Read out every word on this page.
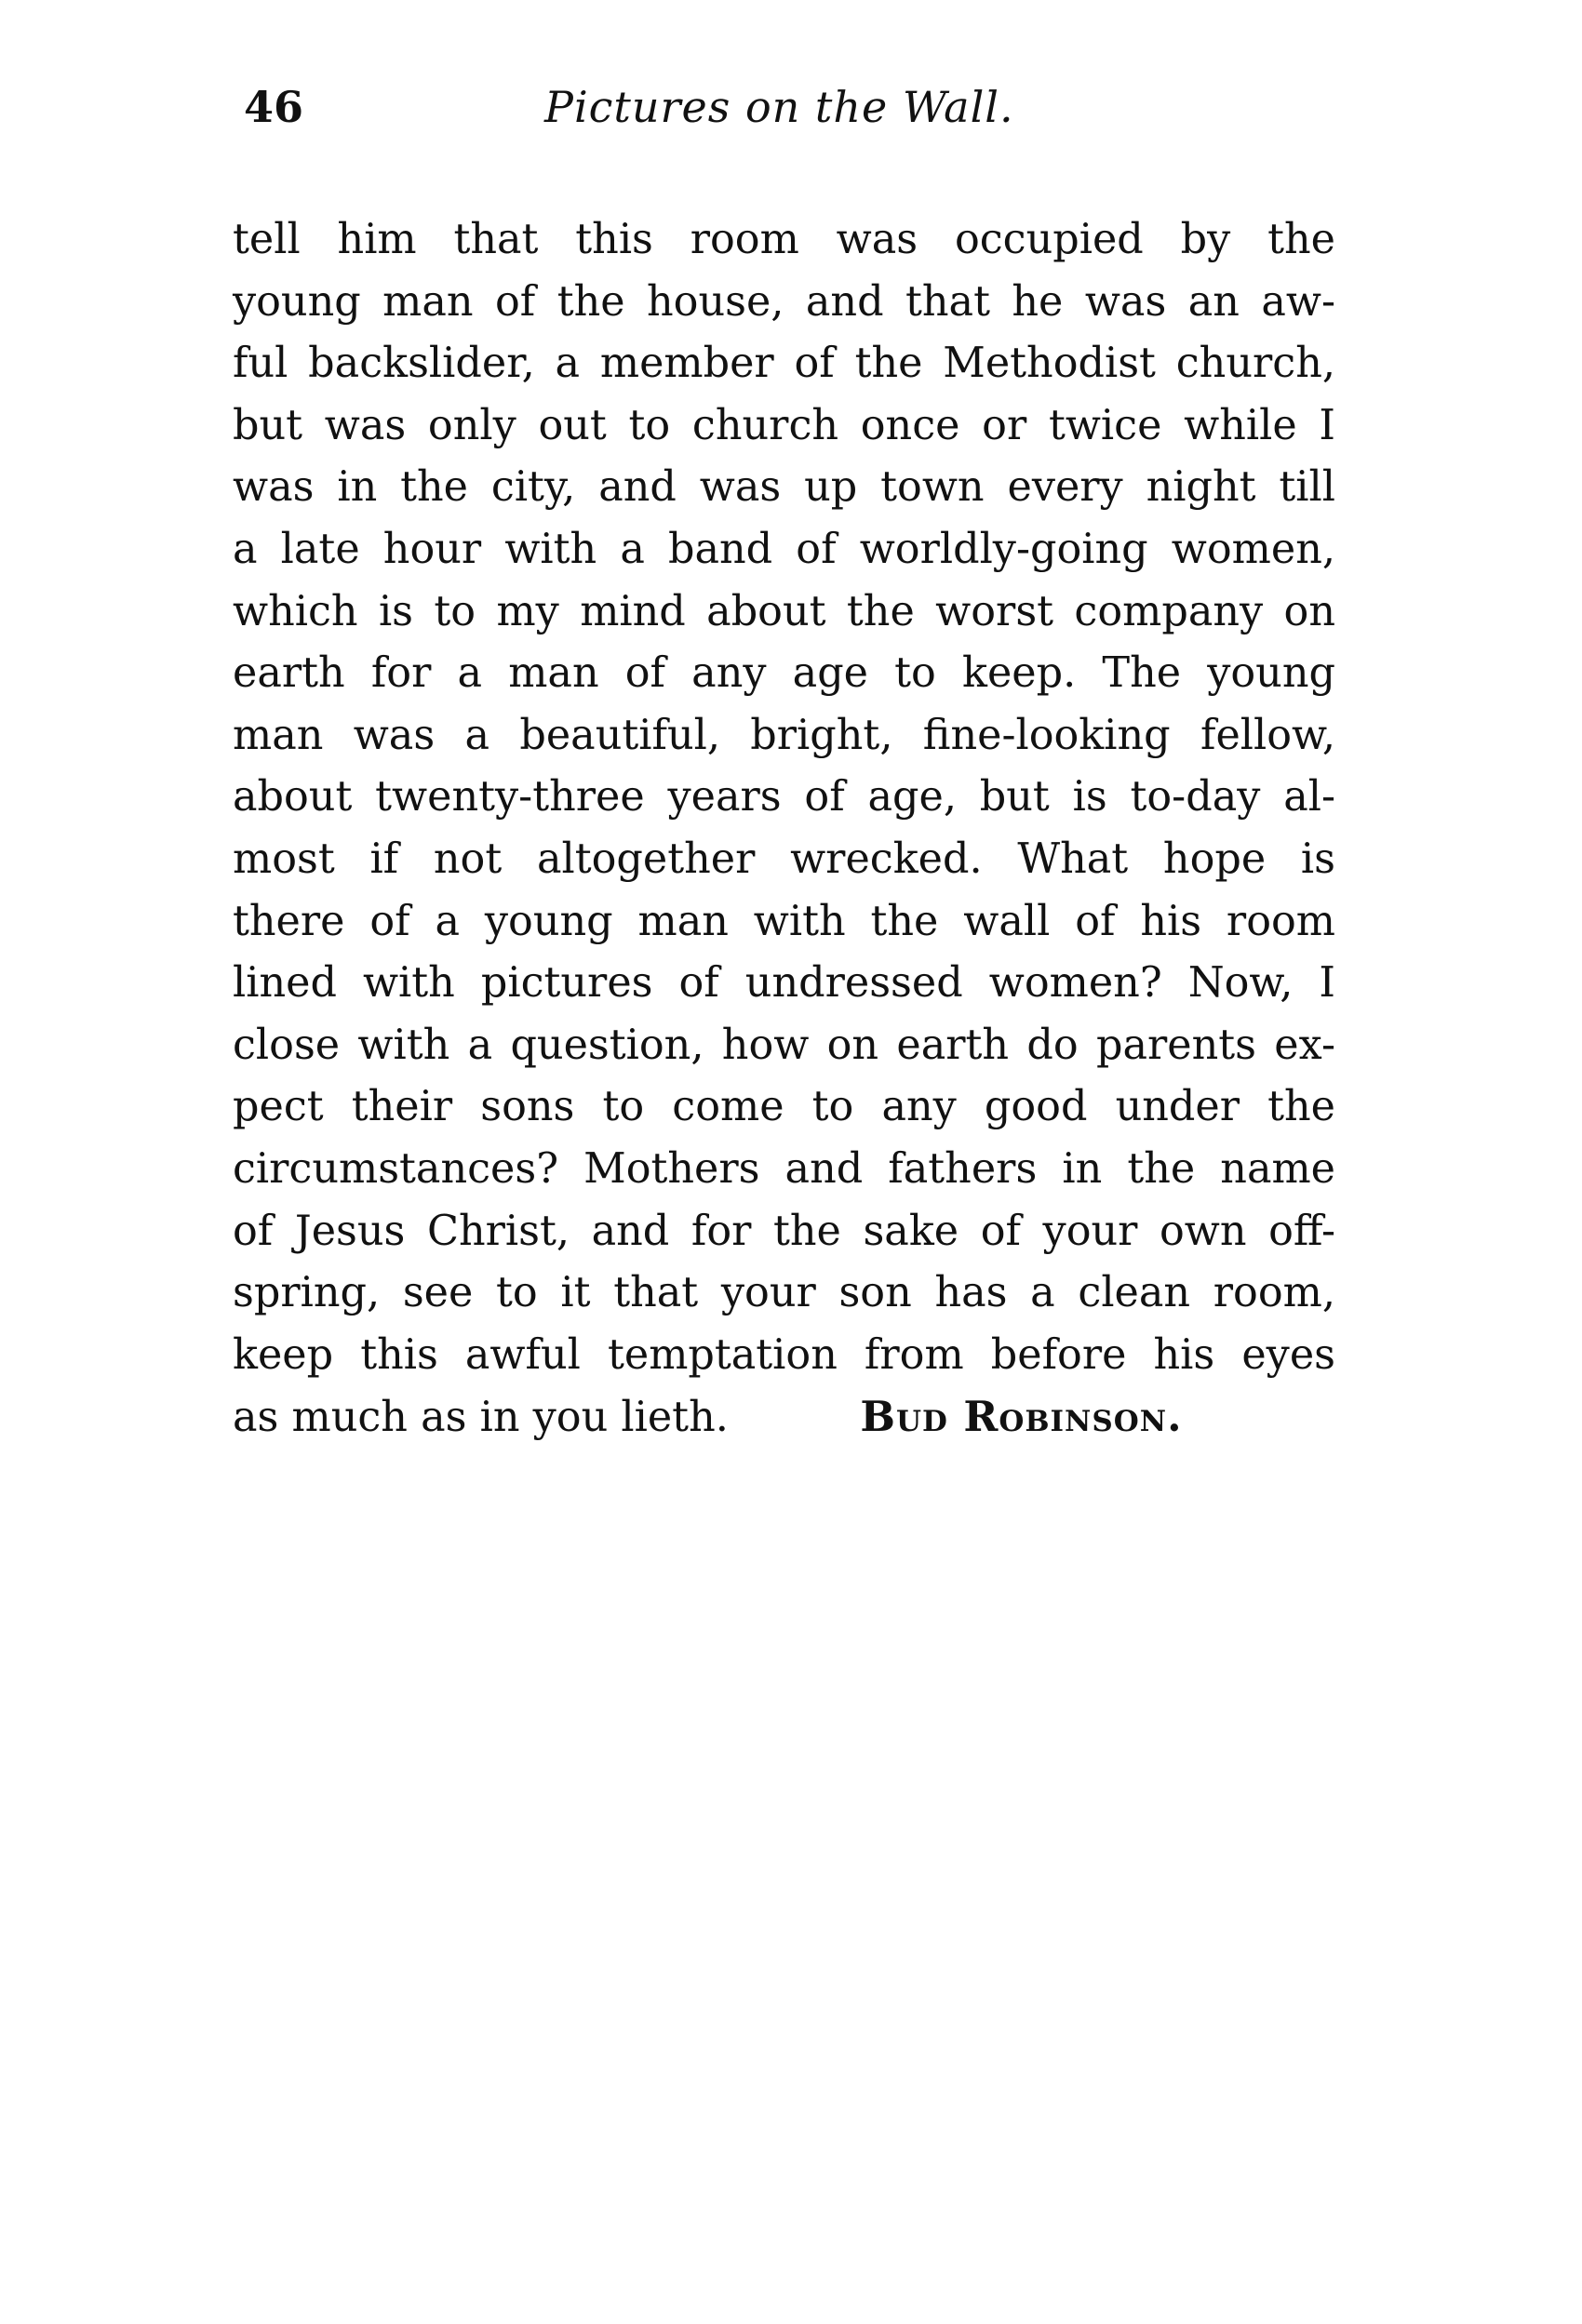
46	Pictures on the Wall.
tell him that this room was occupied by the
young man of the house, and that he was an aw-
ful backslider, a member of the Methodist church,
but was only out to church once or twice while I
was in the city, and was up town every night till
a late hour with a band of worldly-going women,
which is to my mind about the worst company on
earth for a man of any age to keep. The young
man was a beautiful, bright, fine-looking fellow,
about twenty-three years of age, but is to-day al-
most if not altogether wrecked. What hope is
there of a young man with the wall of his room
lined with pictures of undressed women? Now, I
close with a question, how on earth do parents ex-
pect their sons to come to any good under the
circumstances? Mothers and fathers in the name
of Jesus Christ, and for the sake of your own off-
spring, see to it that your son has a clean room,
keep this awful temptation from before his eyes
as much as in you lieth.	Bud Robinson.
